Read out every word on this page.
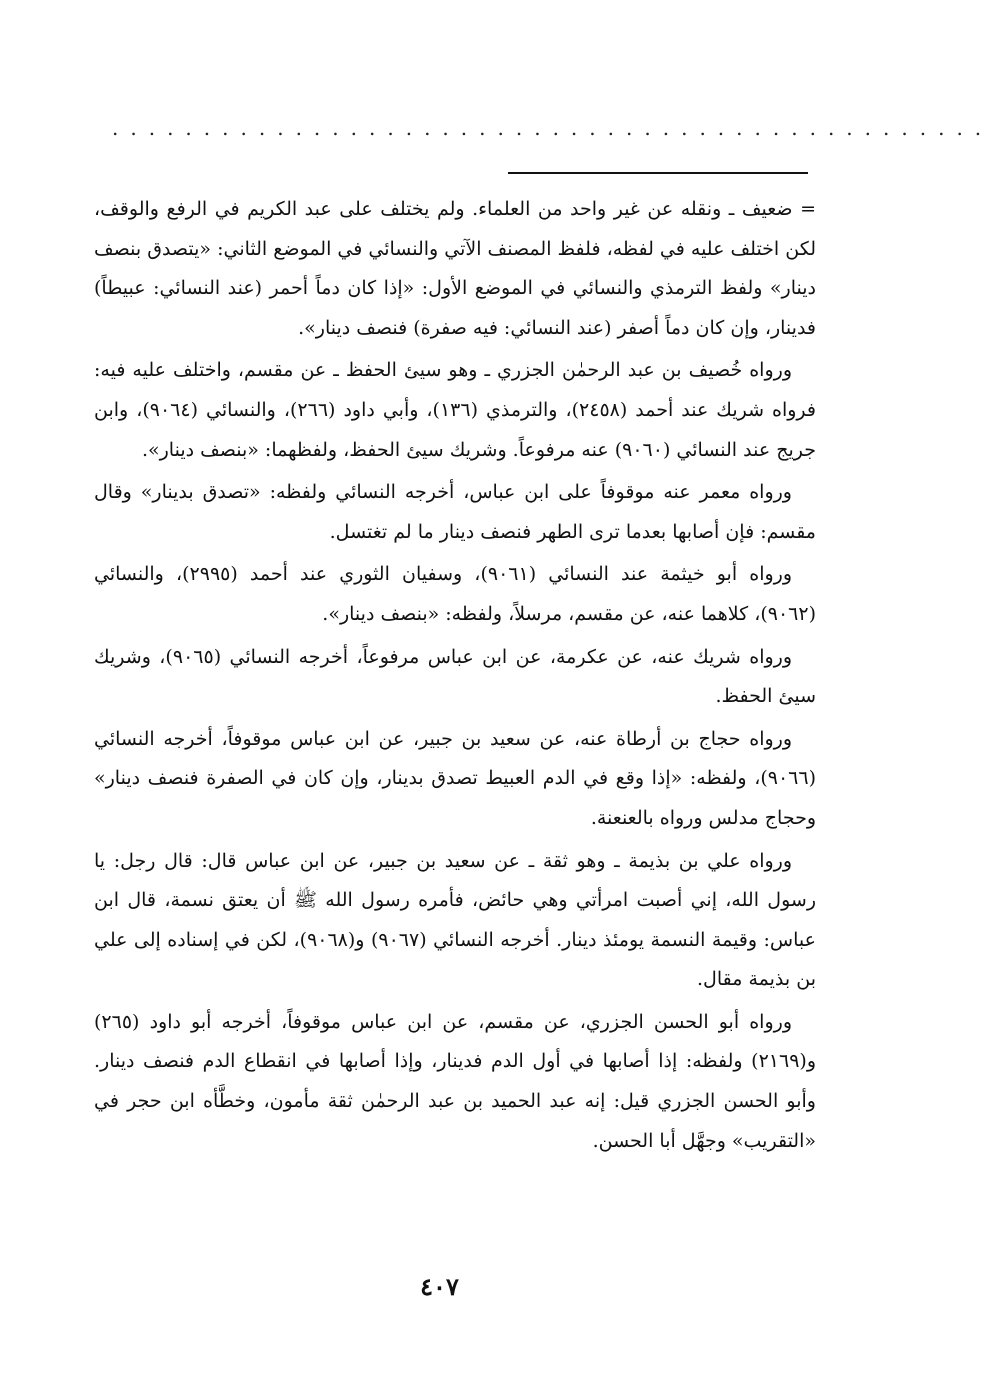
................................................

= ضعيف ـ ونقله عن غير واحد من العلماء. ولم يختلف على عبد الكريم في الرفع والوقف، لكن اختلف عليه في لفظه، فلفظ المصنف الآتي والنسائي في الموضع الثاني: «يتصدق بنصف دينار» ولفظ الترمذي والنسائي في الموضع الأول: «إذا كان دماً أحمر (عند النسائي: عبيطاً) فدينار، وإن كان دماً أصفر (عند النسائي: فيه صفرة) فنصف دينار».

ورواه خُصيف بن عبد الرحمٰن الجزري ـ وهو سيئ الحفظ ـ عن مقسم، واختلف عليه فيه: فرواه شريك عند أحمد (٢٤٥٨)، والترمذي (١٣٦)، وأبي داود (٢٦٦)، والنسائي (٩٠٦٤)، وابن جريج عند النسائي (٩٠٦٠) عنه مرفوعاً. وشريك سيئ الحفظ، ولفظهما: «بنصف دينار».

ورواه معمر عنه موقوفاً على ابن عباس، أخرجه النسائي ولفظه: «تصدق بدينار» وقال مقسم: فإن أصابها بعدما ترى الطهر فنصف دينار ما لم تغتسل.

ورواه أبو خيثمة عند النسائي (٩٠٦١)، وسفيان الثوري عند أحمد (٢٩٩٥)، والنسائي (٩٠٦٢)، كلاهما عنه، عن مقسم، مرسلاً، ولفظه: «بنصف دينار».

ورواه شريك عنه، عن عكرمة، عن ابن عباس مرفوعاً، أخرجه النسائي (٩٠٦٥)، وشريك سيئ الحفظ.

ورواه حجاج بن أرطاة عنه، عن سعيد بن جبير، عن ابن عباس موقوفاً، أخرجه النسائي (٩٠٦٦)، ولفظه: «إذا وقع في الدم العبيط تصدق بدينار، وإن كان في الصفرة فنصف دينار» وحجاج مدلس ورواه بالعنعنة.

ورواه علي بن بذيمة ـ وهو ثقة ـ عن سعيد بن جبير، عن ابن عباس قال: قال رجل: يا رسول الله، إني أصبت امرأتي وهي حائض، فأمره رسول الله ﷺ أن يعتق نسمة، قال ابن عباس: وقيمة النسمة يومئذ دينار. أخرجه النسائي (٩٠٦٧) و(٩٠٦٨)، لكن في إسناده إلى علي بن بذيمة مقال.

ورواه أبو الحسن الجزري، عن مقسم، عن ابن عباس موقوفاً، أخرجه أبو داود (٢٦٥) و(٢١٦٩) ولفظه: إذا أصابها في أول الدم فدينار، وإذا أصابها في انقطاع الدم فنصف دينار. وأبو الحسن الجزري قيل: إنه عبد الحميد بن عبد الرحمٰن ثقة مأمون، وخطَّأه ابن حجر في «التقريب» وجهَّل أبا الحسن.

٤٠٧
